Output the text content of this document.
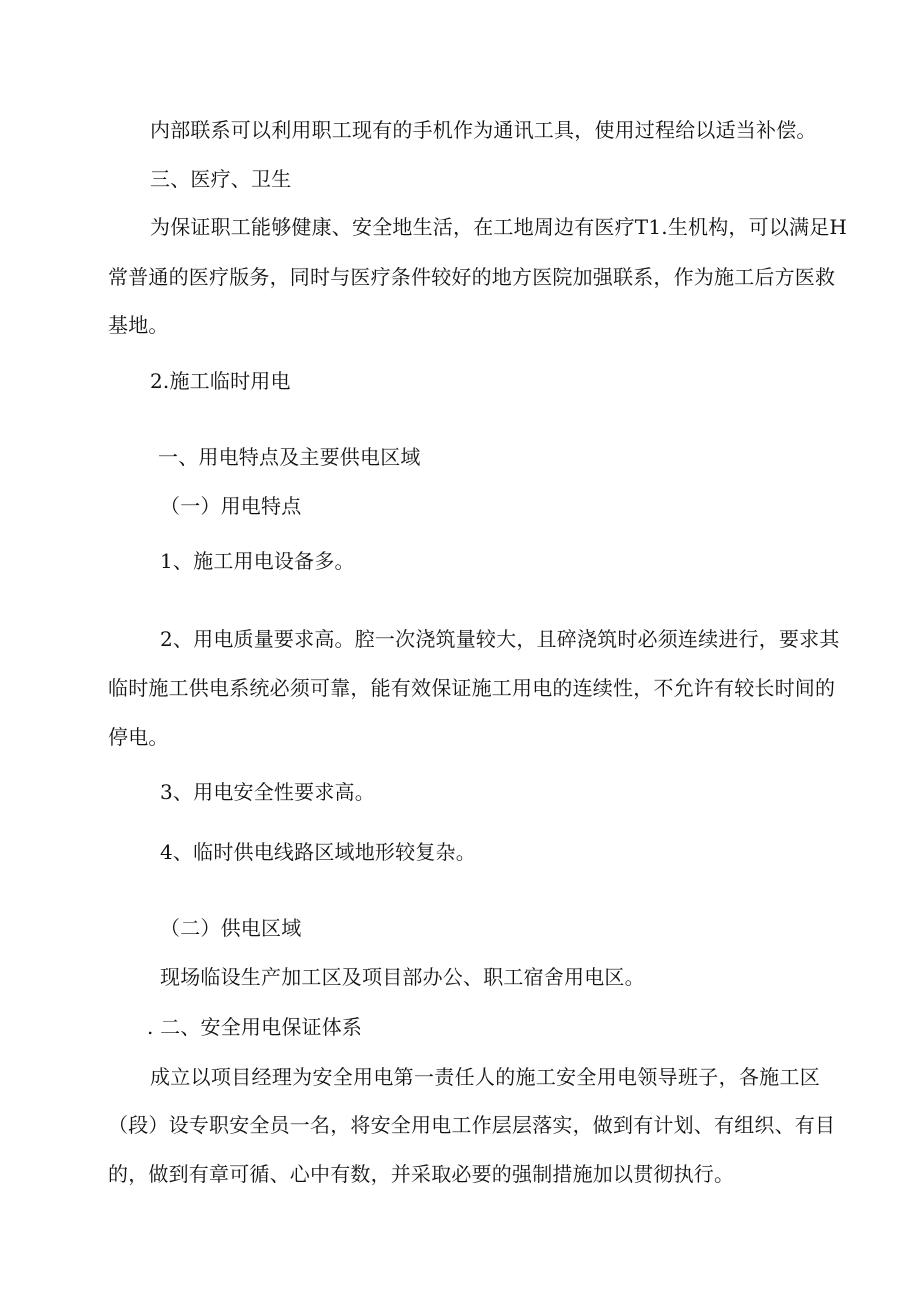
内部联系可以利用职工现有的手机作为通讯工具，使用过程给以适当补偿。
三、医疗、卫生
为保证职工能够健康、安全地生活，在工地周边有医疗T1.生机构，可以满足H
常普通的医疗版务，同时与医疗条件较好的地方医院加强联系，作为施工后方医救
基地。
2.施工临时用电
一、用电特点及主要供电区域
（一）用电特点
1、施工用电设备多。
2、用电质量要求高。腔一次浇筑量较大，且碎浇筑时必须连续进行，要求其
临时施工供电系统必须可靠，能有效保证施工用电的连续性，不允许有较长时间的
停电。
3、用电安全性要求高。
4、临时供电线路区域地形较复杂。
（二）供电区域
现场临设生产加工区及项目部办公、职工宿舍用电区。
. 二、安全用电保证体系
成立以项目经理为安全用电第一责任人的施工安全用电领导班子，各施工区
（段）设专职安全员一名，将安全用电工作层层落实，做到有计划、有组织、有目
的，做到有章可循、心中有数，并采取必要的强制措施加以贯彻执行。
